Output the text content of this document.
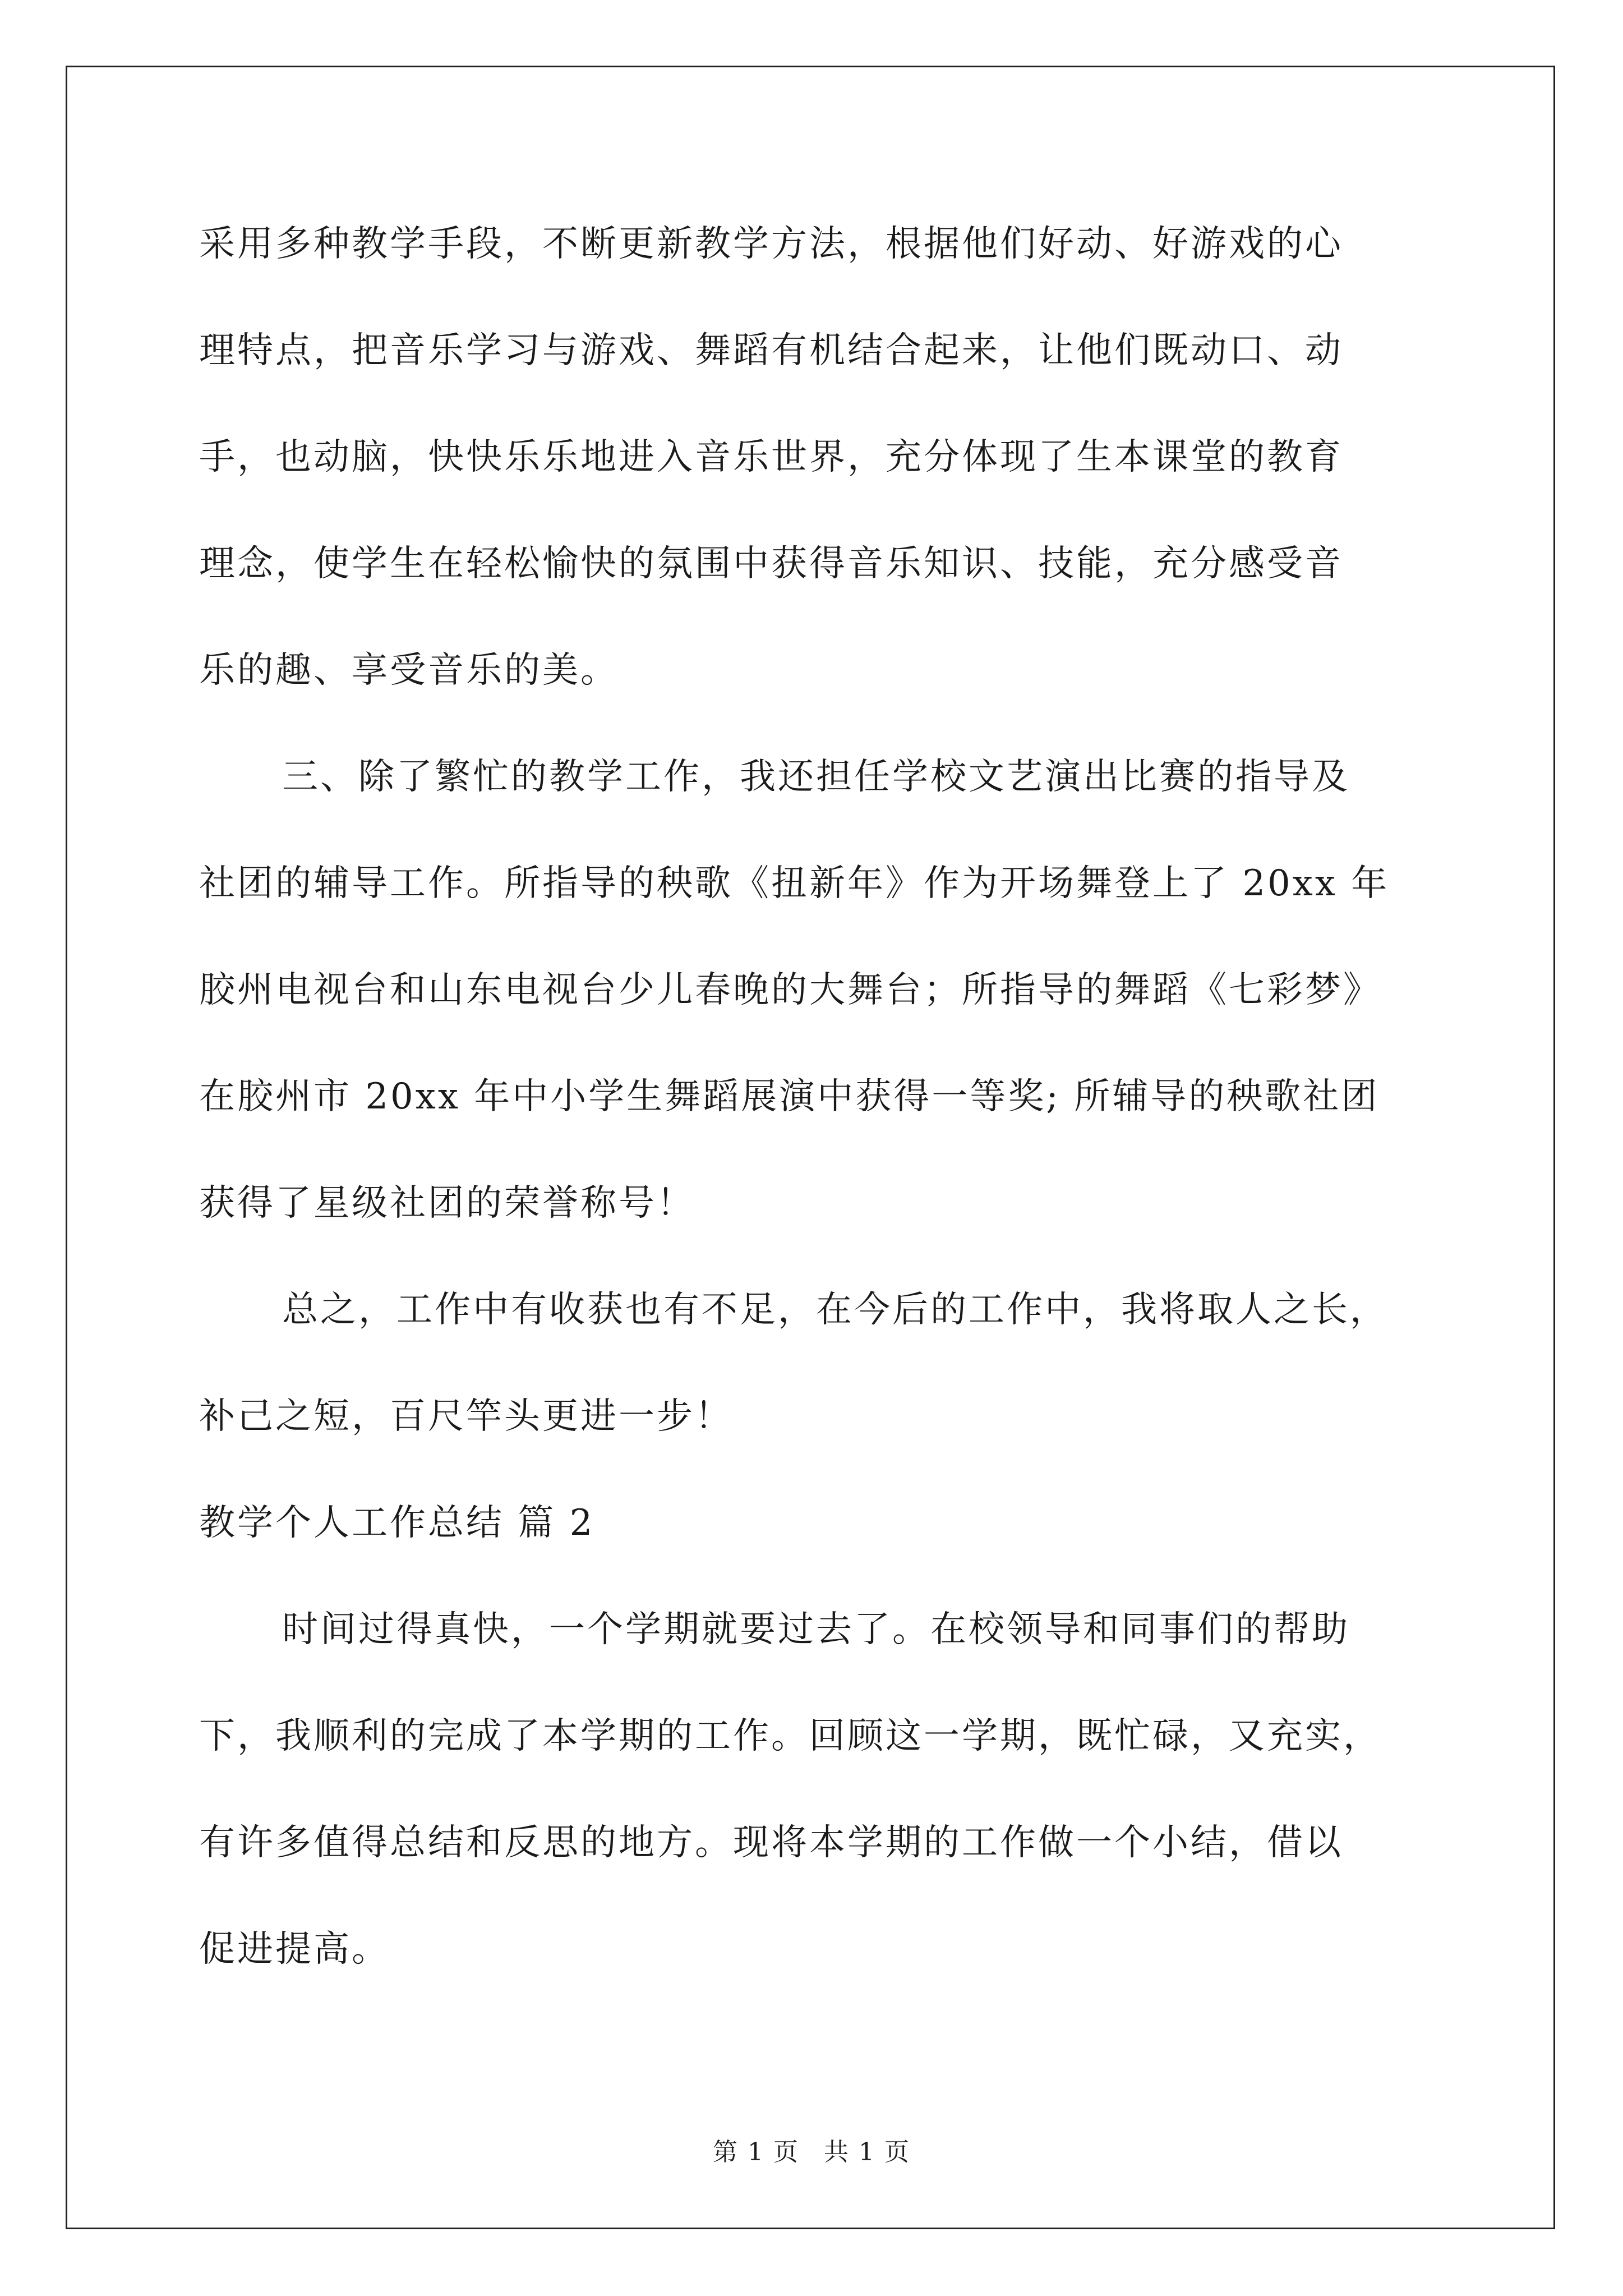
采用多种教学手段，不断更新教学方法，根据他们好动、好游戏的心
理特点，把音乐学习与游戏、舞蹈有机结合起来，让他们既动口、动
手，也动脑，快快乐乐地进入音乐世界，充分体现了生本课堂的教育
理念，使学生在轻松愉快的氛围中获得音乐知识、技能，充分感受音
乐的趣、享受音乐的美。
三、除了繁忙的教学工作，我还担任学校文艺演出比赛的指导及
社团的辅导工作。所指导的秧歌《扭新年》作为开场舞登上了 20xx 年
胶州电视台和山东电视台少儿春晚的大舞台；所指导的舞蹈《七彩梦》
在胶州市 20xx 年中小学生舞蹈展演中获得一等奖; 所辅导的秧歌社团
获得了星级社团的荣誉称号！
总之，工作中有收获也有不足，在今后的工作中，我将取人之长，
补己之短，百尺竿头更进一步！
教学个人工作总结 篇 2
时间过得真快，一个学期就要过去了。在校领导和同事们的帮助
下，我顺利的完成了本学期的工作。回顾这一学期，既忙碌，又充实，
有许多值得总结和反思的地方。现将本学期的工作做一个小结，借以
促进提高。
第 1 页 共 1 页
